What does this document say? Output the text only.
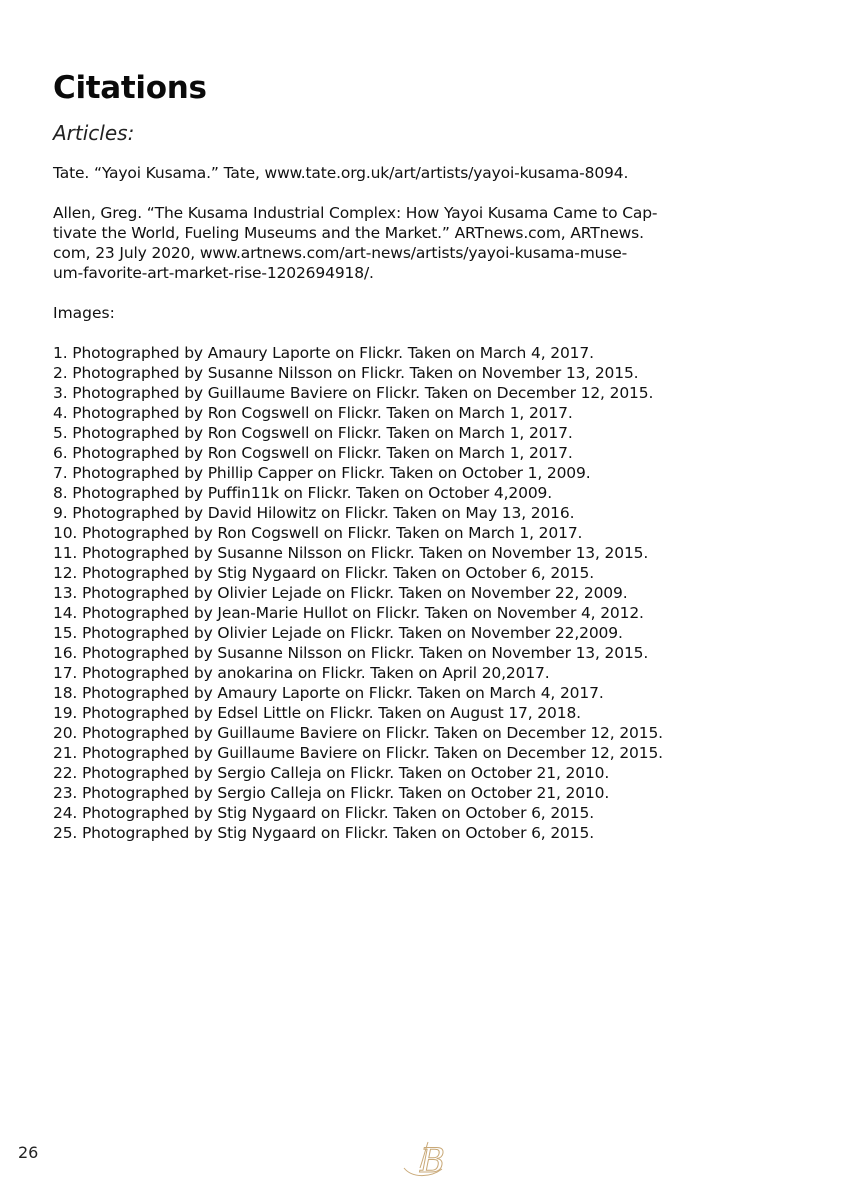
Citations
Articles:
Tate. “Yayoi Kusama.” Tate, www.tate.org.uk/art/artists/yayoi-kusama-8094.
Allen, Greg. “The Kusama Industrial Complex: How Yayoi Kusama Came to Cap-
tivate the World, Fueling Museums and the Market.” ARTnews.com, ARTnews.
com, 23 July 2020, www.artnews.com/art-news/artists/yayoi-kusama-muse-
um-favorite-art-market-rise-1202694918/.
Images:
1. Photographed by Amaury Laporte on Flickr. Taken on March 4, 2017.
2. Photographed by Susanne Nilsson on Flickr. Taken on November 13, 2015.
3. Photographed by Guillaume Baviere on Flickr. Taken on December 12, 2015.
4. Photographed by Ron Cogswell on Flickr. Taken on March 1, 2017.
5. Photographed by Ron Cogswell on Flickr. Taken on March 1, 2017.
6. Photographed by Ron Cogswell on Flickr. Taken on March 1, 2017.
7. Photographed by Phillip Capper on Flickr. Taken on October 1, 2009.
8. Photographed by Puffin11k on Flickr. Taken on October 4,2009.
9. Photographed by David Hilowitz on Flickr. Taken on May 13, 2016.
10. Photographed by Ron Cogswell on Flickr. Taken on March 1, 2017.
11. Photographed by Susanne Nilsson on Flickr. Taken on November 13, 2015.
12. Photographed by Stig Nygaard on Flickr. Taken on October 6, 2015.
13. Photographed by Olivier Lejade on Flickr. Taken on November 22, 2009.
14. Photographed by Jean-Marie Hullot on Flickr. Taken on November 4, 2012.
15. Photographed by Olivier Lejade on Flickr. Taken on November 22,2009.
16. Photographed by Susanne Nilsson on Flickr. Taken on November 13, 2015.
17. Photographed by anokarina on Flickr. Taken on April 20,2017.
18. Photographed by Amaury Laporte on Flickr. Taken on March 4, 2017.
19. Photographed by Edsel Little on Flickr. Taken on August 17, 2018.
20. Photographed by Guillaume Baviere on Flickr. Taken on December 12, 2015.
21. Photographed by Guillaume Baviere on Flickr. Taken on December 12, 2015.
22. Photographed by Sergio Calleja on Flickr. Taken on October 21, 2010.
23. Photographed by Sergio Calleja on Flickr. Taken on October 21, 2010.
24. Photographed by Stig Nygaard on Flickr. Taken on October 6, 2015.
25. Photographed by Stig Nygaard on Flickr. Taken on October 6, 2015.
26	B
